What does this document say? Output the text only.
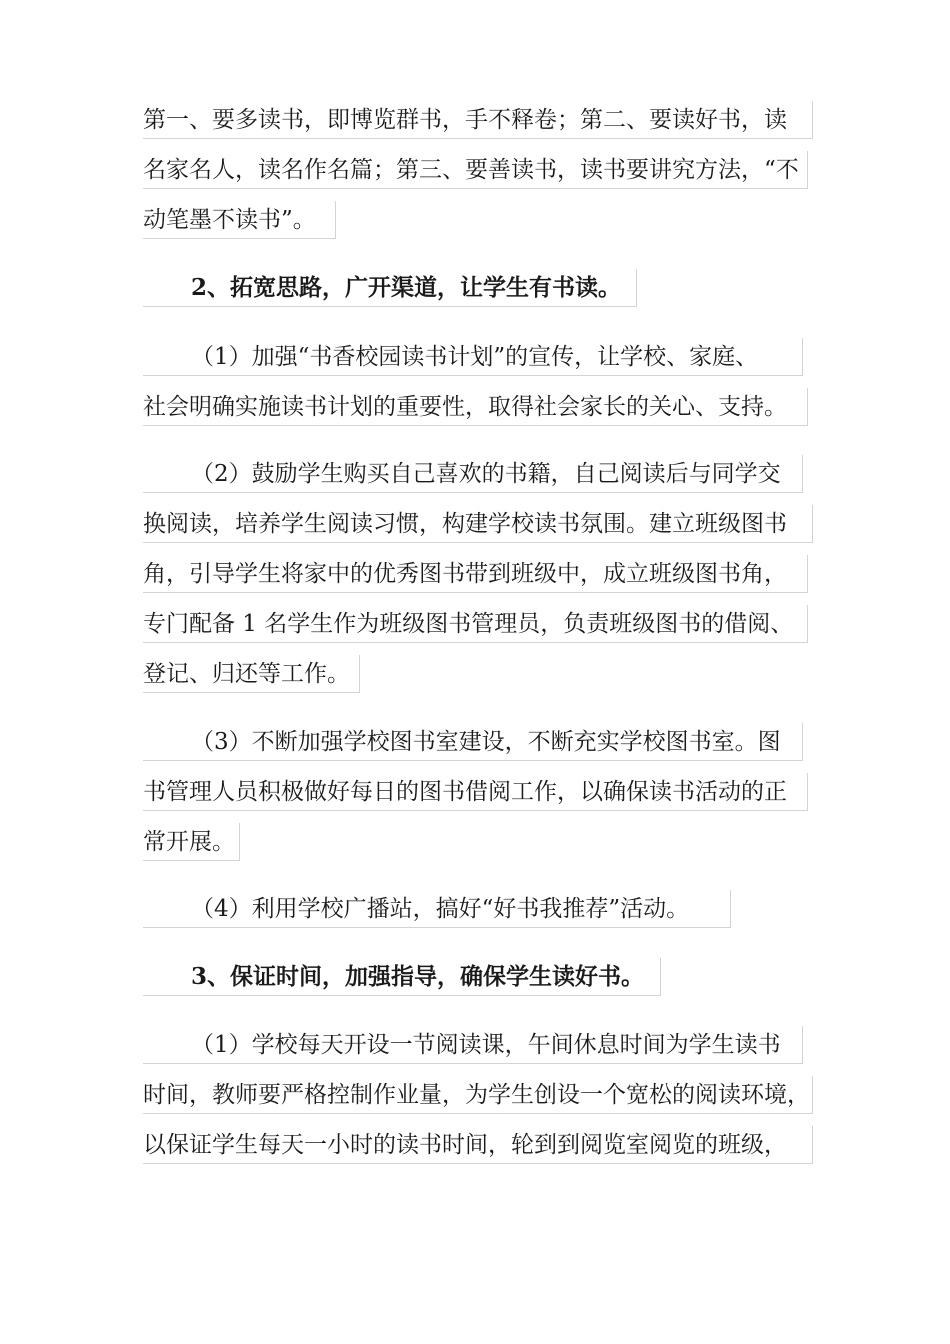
第一、要多读书，即博览群书，手不释卷；第二、要读好书，读
名家名人，读名作名篇；第三、要善读书，读书要讲究方法，“不
动笔墨不读书”。
2、拓宽思路，广开渠道，让学生有书读。
（1）加强“书香校园读书计划”的宣传，让学校、家庭、
社会明确实施读书计划的重要性，取得社会家长的关心、支持。
（2）鼓励学生购买自己喜欢的书籍，自己阅读后与同学交
换阅读，培养学生阅读习惯，构建学校读书氛围。建立班级图书
角，引导学生将家中的优秀图书带到班级中，成立班级图书角，
专门配备 1 名学生作为班级图书管理员，负责班级图书的借阅、
登记、归还等工作。
（3）不断加强学校图书室建设，不断充实学校图书室。图
书管理人员积极做好每日的图书借阅工作，以确保读书活动的正
常开展。
（4）利用学校广播站，搞好“好书我推荐”活动。
3、保证时间，加强指导，确保学生读好书。
（1）学校每天开设一节阅读课，午间休息时间为学生读书
时间，教师要严格控制作业量，为学生创设一个宽松的阅读环境，
以保证学生每天一小时的读书时间，轮到到阅览室阅览的班级，
